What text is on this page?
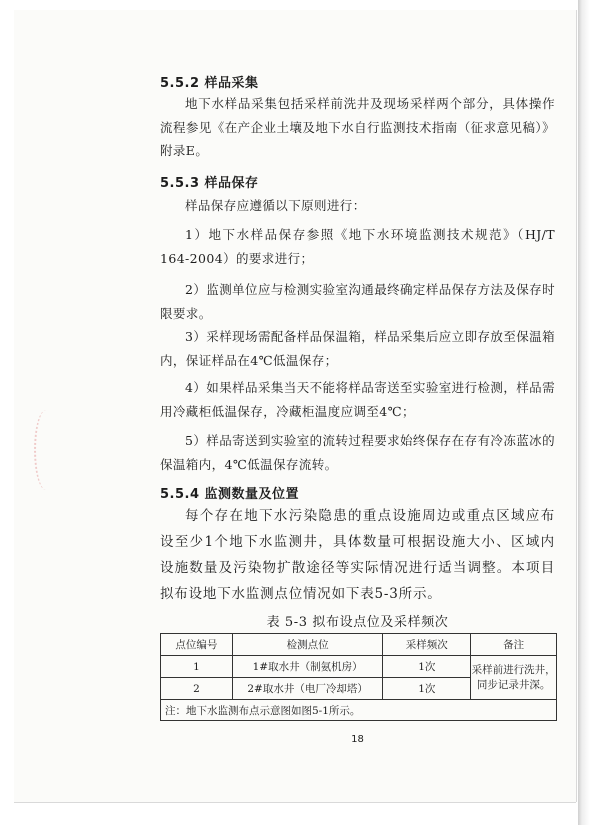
5.5.2 样品采集

地下水样品采集包括采样前洗井及现场采样两个部分，具体操作流程参见《在产企业土壤及地下水自行监测技术指南（征求意见稿）》附录E。

5.5.3 样品保存

样品保存应遵循以下原则进行：

1）地下水样品保存参照《地下水环境监测技术规范》（HJ/T 164-2004）的要求进行；

2）监测单位应与检测实验室沟通最终确定样品保存方法及保存时限要求。

3）采样现场需配备样品保温箱，样品采集后应立即存放至保温箱内，保证样品在4℃低温保存；

4）如果样品采集当天不能将样品寄送至实验室进行检测，样品需用冷藏柜低温保存，冷藏柜温度应调至4℃；

5）样品寄送到实验室的流转过程要求始终保存在存有冷冻蓝冰的保温箱内，4℃低温保存流转。

5.5.4 监测数量及位置

每个存在地下水污染隐患的重点设施周边或重点区域应布设至少1个地下水监测井，具体数量可根据设施大小、区域内设施数量及污染物扩散途径等实际情况进行适当调整。本项目拟布设地下水监测点位情况如下表5-3所示。

表 5-3 拟布设点位及采样频次
点位编号	检测点位	采样频次	备注
1	1#取水井（制氨机房）	1次	采样前进行洗井，同步记录井深。
2	2#取水井（电厂冷却塔）	1次	
注：地下水监测布点示意图如图5-1所示。			
18
